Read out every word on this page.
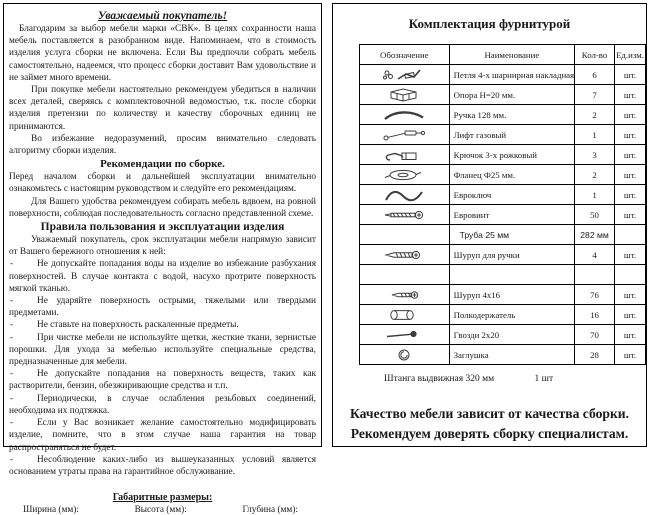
Уважаемый покупатель!

Благодарим за выбор мебели марки «СВК». В целях сохранности наша мебель поставляется в разобранном виде. Напоминаем, что в стоимость изделия услуга сборки не включена. Если Вы предпочли собрать мебель самостоятельно, надеемся, что процесс сборки доставит Вам удовольствие и не займет много времени.

При покупке мебели настоятельно рекомендуем убедиться в наличии всех деталей, сверяясь с комплектовочной ведомостью, т.к. после сборки изделия претензии по количеству и качеству сборочных единиц не принимаются.

Во избежание недоразумений, просим внимательно следовать алгоритму сборки изделия.

Рекомендации по сборке.

Перед началом сборки и дальнейшей эксплуатации внимательно ознакомьтесь с настоящим руководством и следуйте его рекомендациям.

Для Вашего удобства рекомендуем собирать мебель вдвоем, на ровной поверхности, соблюдая последовательность согласно представленной схеме.

Правила пользования и эксплуатации изделия

Уважаемый покупатель, срок эксплуатации мебели напрямую зависит от Вашего бережного отношения к ней:

-	Не допускайте попадания воды на изделие во избежание разбухания поверхностей. В случае контакта с водой, насухо протрите поверхность мягкой тканью.

-	Не ударяйте поверхность острыми, тяжелыми или твердыми предметами.

-	Не ставьте на поверхность раскаленные предметы.

-	При чистке мебели не используйте щетки, жесткие ткани, зернистые порошки. Для ухода за мебелью используйте специальные средства, предназначенные для мебели.

-	Не допускайте попадания на поверхность веществ, таких как растворители, бензин, обезжиривающие средства и т.п.

-	Периодически, в случае ослабления резьбовых соединений, необходима их подтяжка.

-	Если у Вас возникает желание самостоятельно модифицировать изделие, помните, что в этом случае наша гарантия на товар распространяться не будет.

-	Несоблюдение каких-либо из вышеуказанных условий является основанием утраты права на гарантийное обслуживание.

Габаритные размеры:
Ширина (мм):	Высота (мм):	Глубина (мм):
Комплектация фурнитурой
Обозначение	Наименование	Кол-во	Ед.изм.

	Петля 4-х шарнирная накладная	6	шт.

	Опора Н=20 мм.	7	шт.

	Ручка 128 мм.	2	шт.

	Лифт газовый	1	шт.

	Крючок 3-х рожковый	3	шт.

	Фланец Ф25 мм.	2	шт.

	Евроключ	1	шт.

	Евровинт	50	шт.
	Труба 25 мм	282 мм	

	Шуруп для ручки	4	шт.

	Шуруп 4х16	76	шт.

	Полкодержатель	16	шт.

	Гвозди 2х20	70	шт.

	Заглушка	28	шт.

Штанга выдвижная 320 мм	1 шт

Качество мебели зависит от качества сборки.

Рекомендуем доверять сборку специалистам.
